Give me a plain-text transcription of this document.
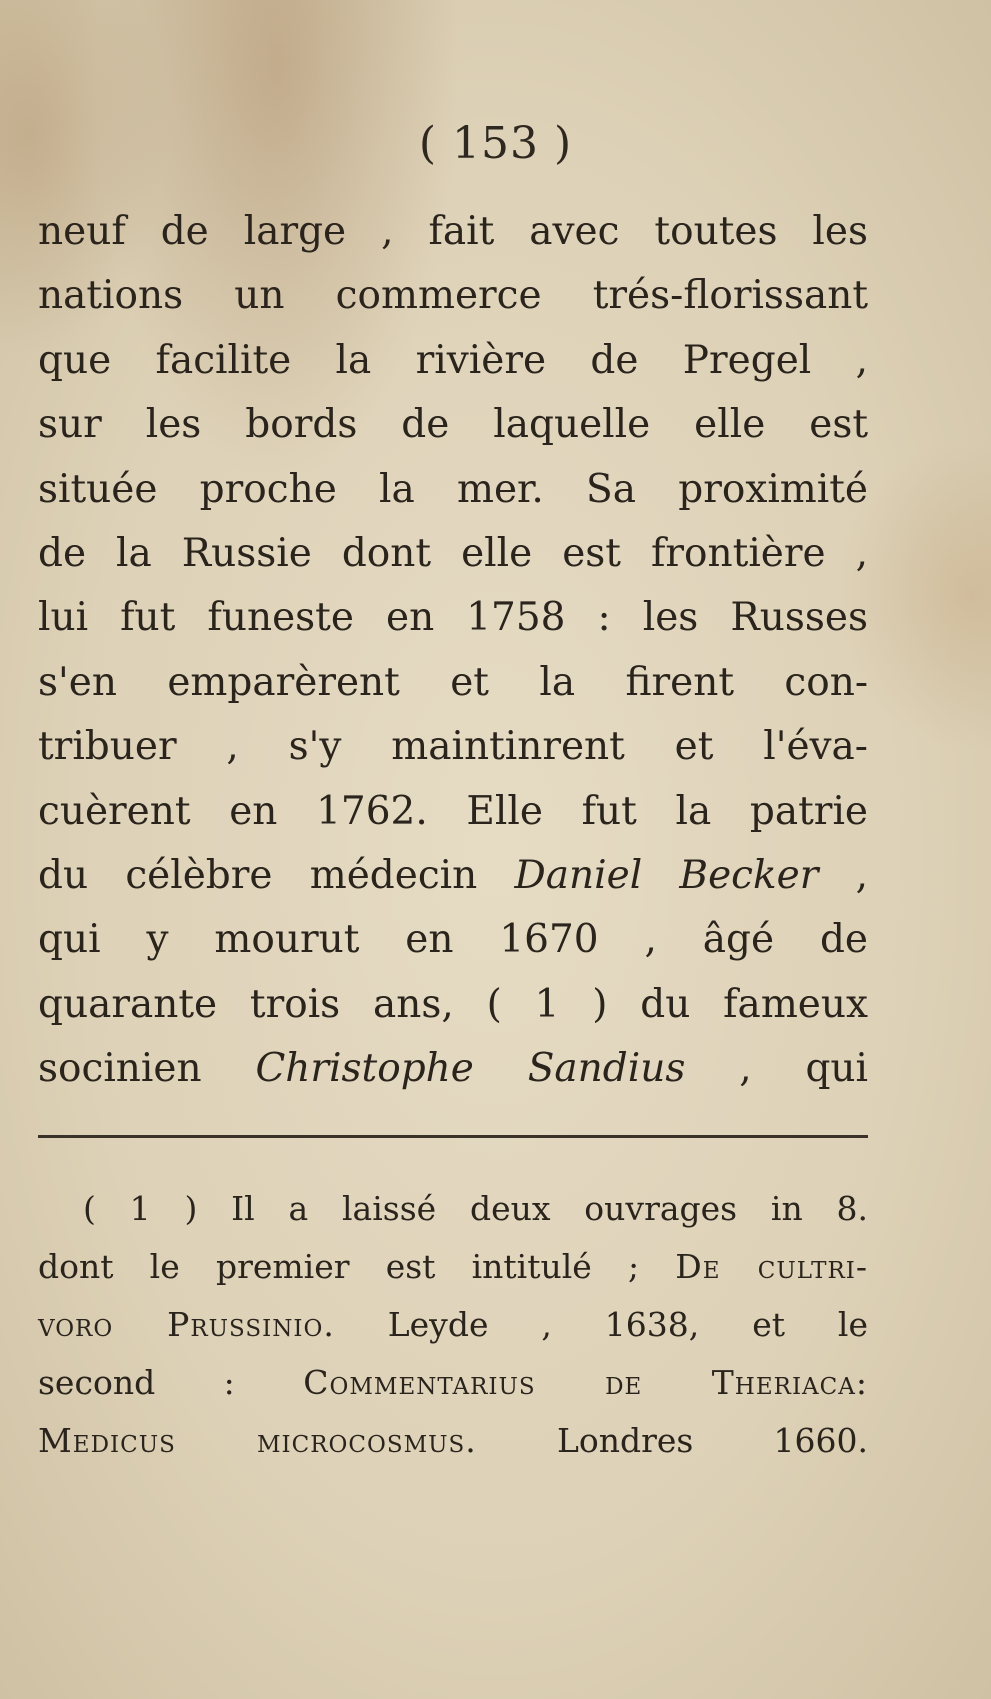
( 153 )
neuf de large , fait avec toutes les
nations un commerce trés-florissant
que facilite la rivière de Pregel ,
sur les bords de laquelle elle est
située proche la mer. Sa proximité
de la Russie dont elle est frontière ,
lui fut funeste en 1758 : les Russes
s'en emparèrent et la firent con-
tribuer , s'y maintinrent et l'éva-
cuèrent en 1762. Elle fut la patrie
du célèbre médecin Daniel Becker ,
qui y mourut en 1670 , âgé de
quarante trois ans, ( 1 ) du fameux
socinien Christophe Sandius , qui
( 1 ) Il a laissé deux ouvrages in 8.
dont le premier est intitulé ; De cultri-
voro Prussinio. Leyde , 1638, et le
second : Commentarius de Theriaca:
Medicus microcosmus. Londres 1660.
